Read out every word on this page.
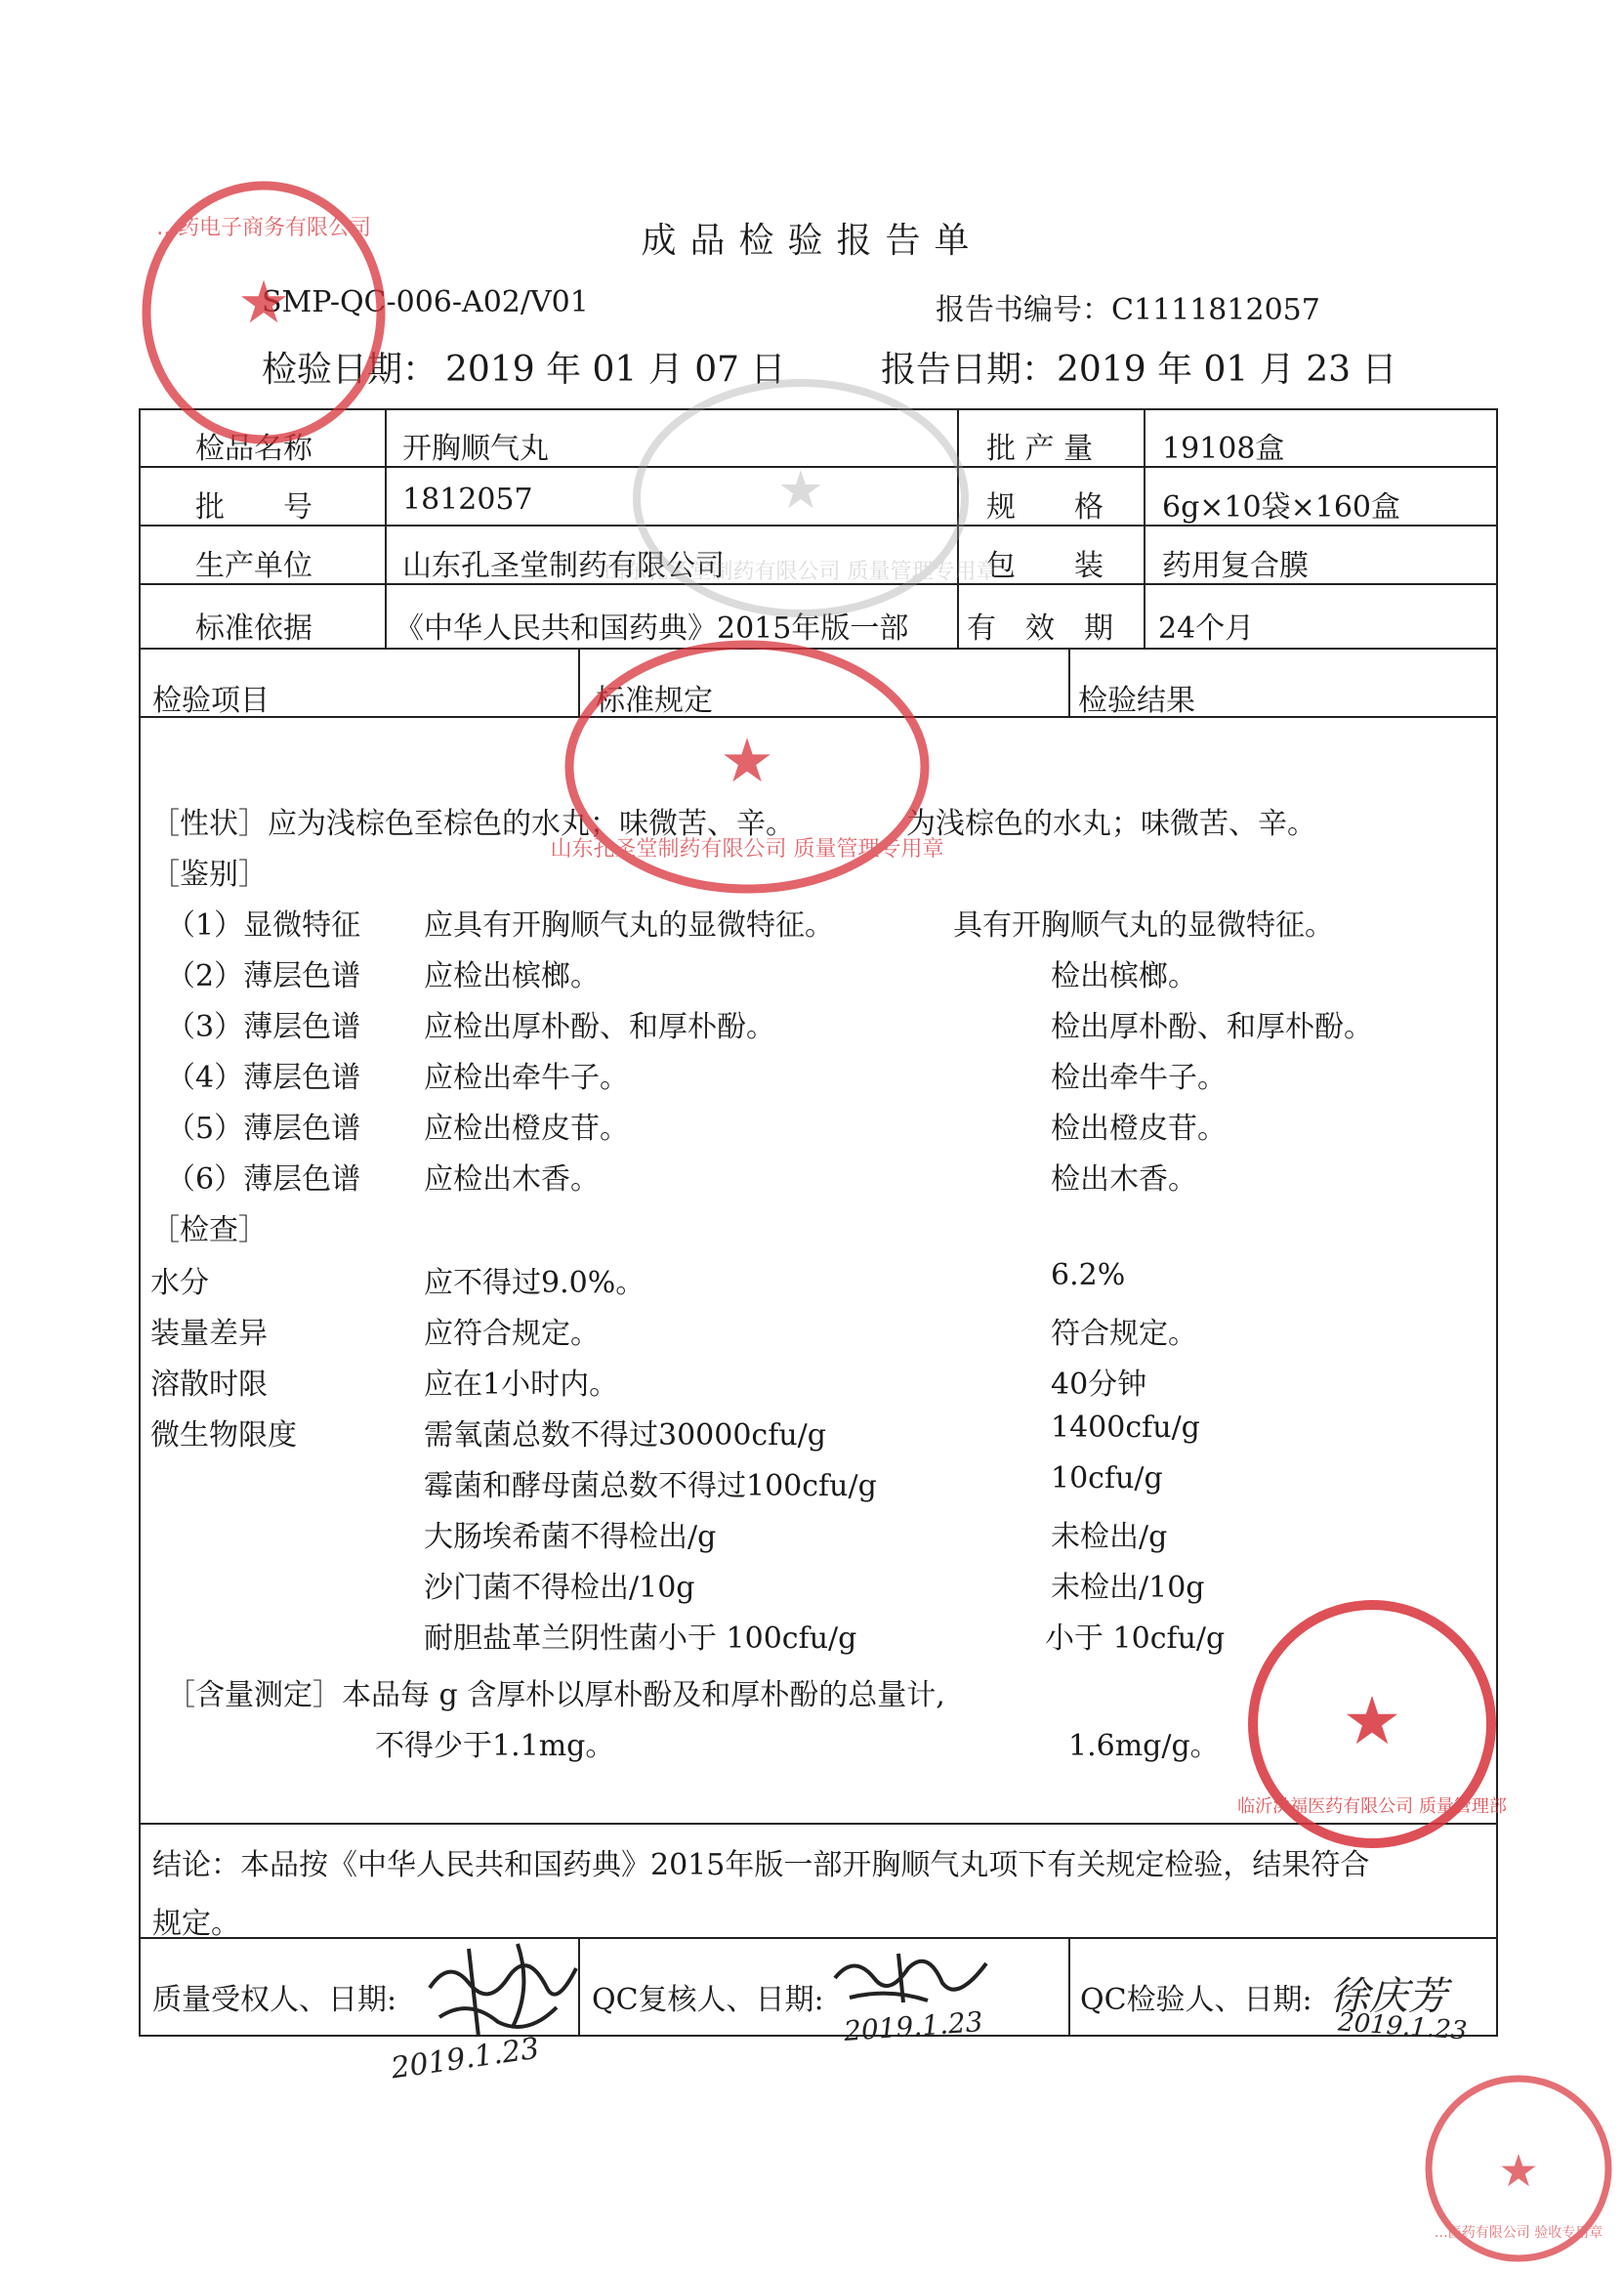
成品检验报告单
SMP-QC-006-A02/V01	报告书编号：C1111812057
检验日期： 2019 年 01 月 07 日	报告日期：2019 年 01 月 23 日
检品名称	开胸顺气丸	批 产 量 19108盒
批　　号	1812057	规　　格 6g×10袋×160盒
生产单位	山东孔圣堂制药有限公司	包　　装 药用复合膜
标准依据	《中华人民共和国药典》2015年版一部 有　效　期 24个月
检验项目	标准规定	检验结果
［性状］应为浅棕色至棕色的水丸；味微苦、辛。	为浅棕色的水丸；味微苦、辛。
［鉴别］
（1）显微特征 应具有开胸顺气丸的显微特征。	具有开胸顺气丸的显微特征。
（2）薄层色谱 应检出槟榔。	检出槟榔。
（3）薄层色谱 应检出厚朴酚、和厚朴酚。	检出厚朴酚、和厚朴酚。
（4）薄层色谱 应检出牵牛子。	检出牵牛子。
（5）薄层色谱 应检出橙皮苷。	检出橙皮苷。
（6）薄层色谱 应检出木香。	检出木香。
［检查］
水分	应不得过9.0%。	6.2%
装量差异	应符合规定。	符合规定。
溶散时限	应在1小时内。	40分钟
微生物限度	需氧菌总数不得过30000cfu/g	1400cfu/g
霉菌和酵母菌总数不得过100cfu/g	10cfu/g
大肠埃希菌不得检出/g	未检出/g
沙门菌不得检出/10g	未检出/10g
耐胆盐革兰阴性菌小于 100cfu/g	小于 10cfu/g
［含量测定］本品每 g 含厚朴以厚朴酚及和厚朴酚的总量计,
不得少于1.1mg。	1.6mg/g。
结论：本品按《中华人民共和国药典》2015年版一部开胸顺气丸项下有关规定检验，结果符合
规定。
质量受权人、日期:	QC复核人、日期:	QC检验人、日期:
2019.1.23
2019.1.23
徐庆芳
2019.1.23
★
…药电子商务有限公司
★
山东孔圣堂制药有限公司 质量管理专用章
★
山东孔圣堂制药有限公司 质量管理专用章
★
临沂洪福医药有限公司 质量管理部
★
…医药有限公司 验收专用章
